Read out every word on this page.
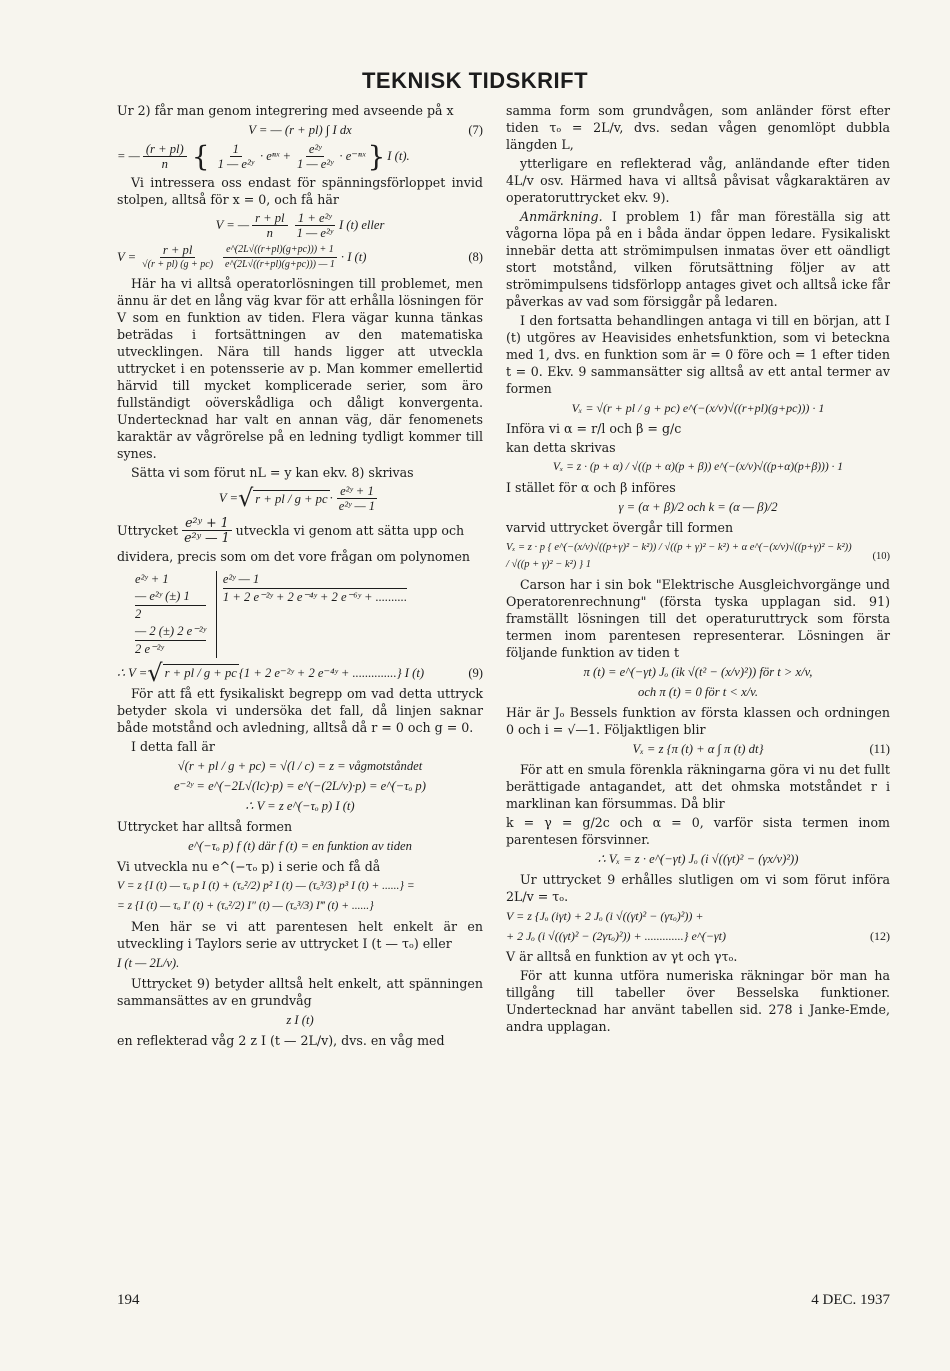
TEKNISK TIDSKRIFT

Ur 2) får man genom integrering med avseende på x

V = — (r + pl) ∫ I dx	(7)
= — $\frac{(r + pl)}{n}$ { $\frac{1}{\text{1 — e²ʸ}}$ · eⁿˣ + $\frac{\text{e²ʸ}}{\text{1 — e²ʸ}}$ · e⁻ⁿˣ } I (t).

Vi intressera oss endast för spänningsförloppet invid stolpen, alltså för x = 0, och få här

V = — $\frac{r + pl}{n} \frac{\text{1 + e²ʸ}}{\text{1 — e²ʸ}}$ I (t) eller
$V = \frac{r + pl}{√(r + pl) (g + pc)} \frac{e\^{}(2L√((r+pl)(g+pc))) + 1}{e\^{}(2L√((r+pl)(g+pc))) — 1} \cdot I$ (t)	(8)

Här ha vi alltså operatorlösningen till problemet, men ännu är det en lång väg kvar för att erhålla lösningen för V som en funktion av tiden. Flera vägar kunna tänkas beträdas i fortsättningen av den matematiska utvecklingen. Nära till hands ligger att utveckla uttrycket i en potensserie av p. Man kommer emellertid härvid till mycket komplicerade serier, som äro fullständigt oöverskådliga och dåligt konvergenta. Undertecknad har valt en annan väg, där fenomenets karaktär av vågrörelse på en ledning tydligt kommer till synes.

Sätta vi som förut nL = y kan ekv. 8) skrivas

V = √ r + pl / g + pc · $\frac{\text{e²ʸ + 1}}{\text{e²ʸ — 1}}$
Uttrycket $\frac{\text{e²ʸ + 1}}{\text{e²ʸ — 1}}$ utveckla vi genom att sätta upp och

dividera, precis som om det vore frågan om polynomen

e²ʸ + 1
— e²ʸ (±) 1
2
— 2 (±) 2 e⁻²ʸ
2 e⁻²ʸ
e²ʸ — 1
1 + 2 e⁻²ʸ + 2 e⁻⁴ʸ + 2 e⁻⁶ʸ + ..........
∴ V = √ r + pl / g + pc {1 + 2 e⁻²ʸ + 2 e⁻⁴ʸ + ..............} I (t)	(9)

För att få ett fysikaliskt begrepp om vad detta uttryck betyder skola vi undersöka det fall, då linjen saknar både motstånd och avledning, alltså då r = 0 och g = 0.

I detta fall är

√(r + pl / g + pc) = √(l / c) = z = vågmotståndet
e⁻²ʸ = e^(−2L√(lc)·p) = e^(−(2L/v)·p) = e^(−τₒ p)
∴ V = z e^(−τₒ p) I (t)

Uttrycket har alltså formen

e^(−τₒ p) f (t) där f (t) = en funktion av tiden

Vi utveckla nu e^(−τₒ p) i serie och få då

V = z {I (t) — τₒ p I (t) + (τₒ²/2) p² I (t) — (τₒ³/3) p³ I (t) + ......} =
= z {I (t) — τₒ I′ (t) + (τₒ²/2) I″ (t) — (τₒ³/3) I‴ (t) + ......}

Men här se vi att parentesen helt enkelt är en utveckling i Taylors serie av uttrycket I (t — τₒ) eller

I (t — 2L/v).

Uttrycket 9) betyder alltså helt enkelt, att spänningen sammansättes av en grundvåg

z I (t)

en reflekterad våg 2 z I (t — 2L/v), dvs. en våg med

samma form som grundvågen, som anländer först efter tiden τₒ = 2L/v, dvs. sedan vågen genomlöpt dubbla längden L,

ytterligare en reflekterad våg, anländande efter tiden 4L/v osv. Härmed hava vi alltså påvisat vågkaraktären av operatoruttrycket ekv. 9).

Anmärkning. I problem 1) får man föreställa sig att vågorna löpa på en i båda ändar öppen ledare. Fysikaliskt innebär detta att strömimpulsen inmatas över ett oändligt stort motstånd, vilken förutsättning följer av att strömimpulsens tidsförlopp antages givet och alltså icke får påverkas av vad som försiggår på ledaren.

I den fortsatta behandlingen antaga vi till en början, att I (t) utgöres av Heavisides enhetsfunktion, som vi beteckna med 1, dvs. en funktion som är = 0 före och = 1 efter tiden t = 0. Ekv. 9 sammansätter sig alltså av ett antal termer av formen

Vₓ = √(r + pl / g + pc) e^(−(x/v)√((r+pl)(g+pc))) · 1

Införa vi α = r/l och β = g/c

kan detta skrivas

Vₓ = z · (p + α) / √((p + α)(p + β)) e^(−(x/v)√((p+α)(p+β))) · 1

I stället för α och β införes

γ = (α + β)/2 och k = (α — β)/2

varvid uttrycket övergår till formen

Vₓ = z · p { e^(−(x/v)√((p+γ)² − k²)) / √((p + γ)² − k²) + α e^(−(x/v)√((p+γ)² − k²)) / √((p + γ)² − k²) } 1
(10)

Carson har i sin bok "Elektrische Ausgleichvorgänge und Operatorenrechnung" (första tyska upplagan sid. 91) framställt lösningen till det operaturuttryck som första termen inom parentesen representerar. Lösningen är följande funktion av tiden t

π (t) = e^(−γt) Jₒ (ik √(t² − (x/v)²)) för t > x/v,
och π (t) = 0 för t < x/v.

Här är Jₒ Bessels funktion av första klassen och ordningen 0 och i = √—1. Följaktligen blir

Vₓ = z {π (t) + α ∫ π (t) dt}	(11)

För att en smula förenkla räkningarna göra vi nu det fullt berättigade antagandet, att det ohmska motståndet r i marklinan kan försummas. Då blir

k = γ = g/2c och α = 0, varför sista termen inom parentesen försvinner.

∴ Vₓ = z · e^(−γt) Jₒ (i √((γt)² − (γx/v)²))

Ur uttrycket 9 erhålles slutligen om vi som förut införa 2L/v = τₒ.

V = z {Jₒ (iγt) + 2 Jₒ (i √((γt)² − (γτₒ)²)) +
+ 2 Jₒ (i √((γt)² − (2γτₒ)²)) + .............} e^(−γt)	(12)

V är alltså en funktion av γt och γτₒ.

För att kunna utföra numeriska räkningar bör man ha tillgång till tabeller över Besselska funktioner. Undertecknad har använt tabellen sid. 278 i Janke-Emde, andra upplagan.

194	4 DEC. 1937
